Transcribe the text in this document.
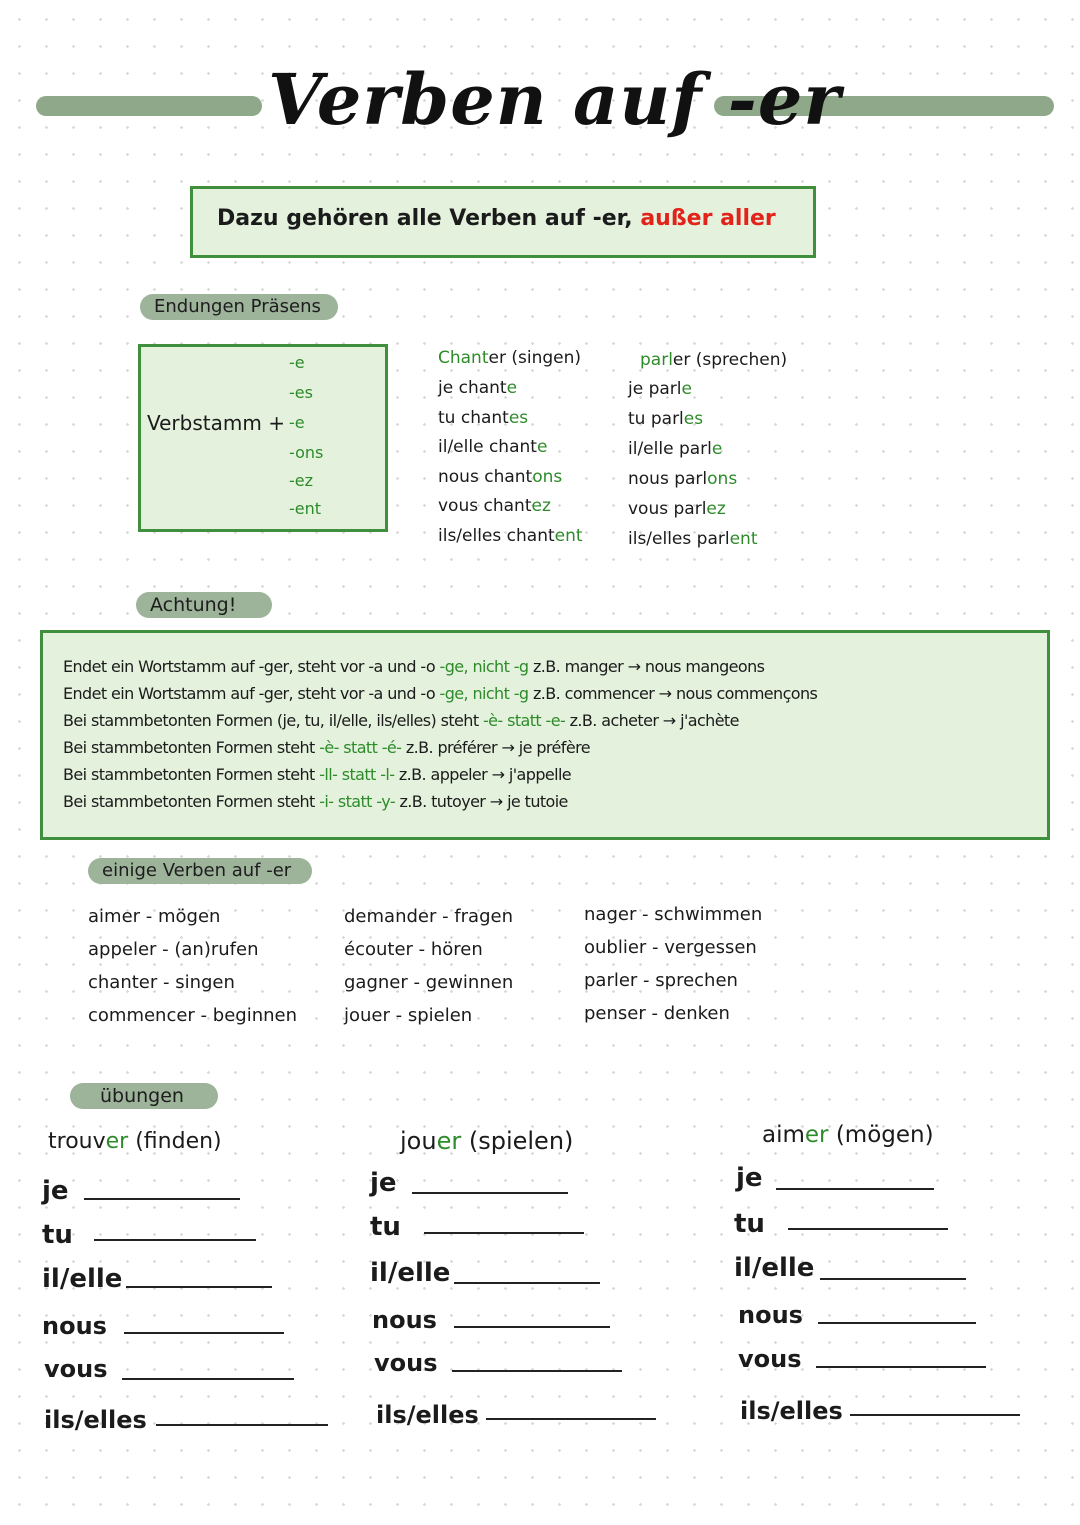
Verben auf -er
Dazu gehören alle Verben auf -er, außer aller
Endungen Präsens
Verbstamm +
-e
-es
-e
-ons
-ez
-ent
Chanter (singen)
je chante
tu chantes
il/elle chante
nous chantons
vous chantez
ils/elles chantent
parler (sprechen)
je parle
tu parles
il/elle parle
nous parlons
vous parlez
ils/elles parlent
Achtung!
Endet ein Wortstamm auf -ger, steht vor -a und -o -ge, nicht -g z.B. manger → nous mangeons
Endet ein Wortstamm auf -ger, steht vor -a und -o -ge, nicht -g z.B. commencer → nous commençons
Bei stammbetonten Formen (je, tu, il/elle, ils/elles) steht -è- statt -e- z.B. acheter → j'achète
Bei stammbetonten Formen steht -è- statt -é- z.B. préférer → je préfère
Bei stammbetonten Formen steht -ll- statt -l- z.B. appeler → j'appelle
Bei stammbetonten Formen steht -i- statt -y- z.B. tutoyer → je tutoie
einige Verben auf -er
aimer - mögen
appeler - (an)rufen
chanter - singen
commencer - beginnen
demander - fragen
écouter - hören
gagner - gewinnen
jouer - spielen
nager - schwimmen
oublier - vergessen
parler - sprechen
penser - denken
übungen
trouver (finden)
je
tu
il/elle
nous
vous
ils/elles
jouer (spielen)
je
tu
il/elle
nous
vous
ils/elles
aimer (mögen)
je
tu
il/elle
nous
vous
ils/elles
